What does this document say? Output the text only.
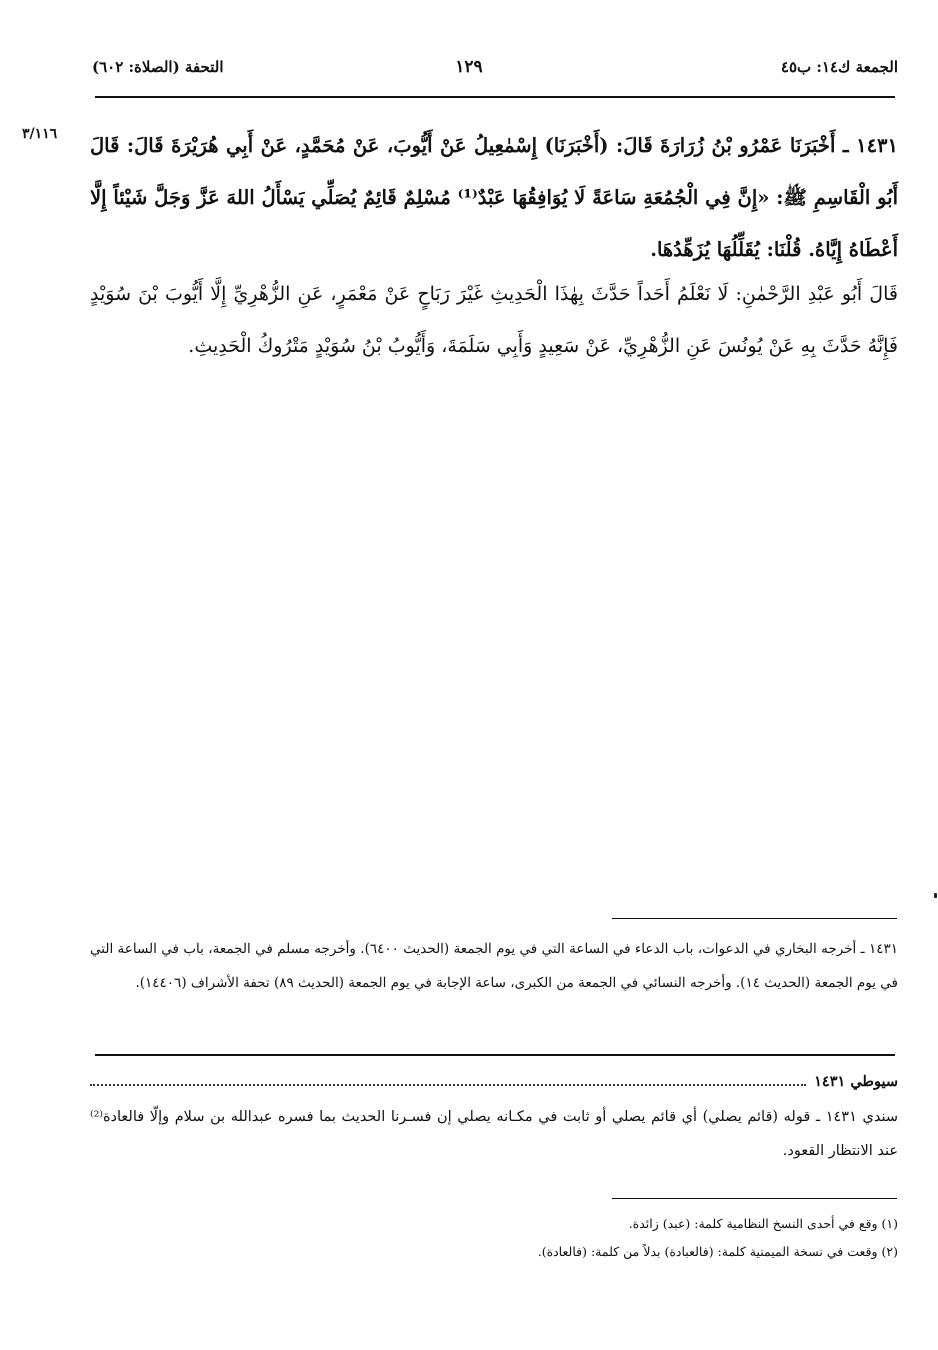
الجمعة ك١٤: ب٤٥
١٢٩
التحفة (الصلاة: ٦٠٢)
٣/١١٦ ١٤٣١ ـ أَخْبَرَنَا عَمْرُو بْنُ زُرَارَةَ قَالَ: (أَخْبَرَنَا) إِسْمٰعِيلُ عَنْ أَيُّوبَ، عَنْ مُحَمَّدٍ، عَنْ أَبِي هُرَيْرَةَ قَالَ: قَالَ أَبُو الْقَاسِمِ ﷺ: «إِنَّ فِي الْجُمُعَةِ سَاعَةً لَا يُوَافِقُهَا عَبْدٌ⁽¹⁾ مُسْلِمٌ قَائِمٌ يُصَلِّي يَسْأَلُ اللهَ عَزَّ وَجَلَّ شَيْئاً إِلَّا أَعْطَاهُ إِيَّاهُ. قُلْنَا: يُقَلِّلُهَا يُزَهِّدُهَا.

قَالَ أَبُو عَبْدِ الرَّحْمٰنِ: لَا نَعْلَمُ أَحَداً حَدَّثَ بِهٰذَا الْحَدِيثِ غَيْرَ رَبَاحٍ عَنْ مَعْمَرٍ، عَنِ الزُّهْرِيِّ إِلَّا أَيُّوبَ بْنَ سُوَيْدٍ فَإِنَّهُ حَدَّثَ بِهِ عَنْ يُونُسَ عَنِ الزُّهْرِيِّ، عَنْ سَعِيدٍ وَأَبِي سَلَمَةَ، وَأَيُّوبُ بْنُ سُوَيْدٍ مَتْرُوكُ الْحَدِيثِ.

١٤٣١ ـ أخرجه البخاري في الدعوات، باب الدعاء في الساعة التي في يوم الجمعة (الحديث ٦٤٠٠). وأخرجه مسلم في الجمعة، باب في الساعة التي في يوم الجمعة (الحديث ١٤). وأخرجه النسائي في الجمعة من الكبرى، ساعة الإجابة في يوم الجمعة (الحديث ٨٩) تحفة الأشراف (١٤٤٠٦).

سيوطي ١٤٣١

سندي ١٤٣١ ـ قوله (قائم يصلي) أي قائم يصلي أو ثابت في مكـانه يصلي إن فسـرنا الحديث بما فسره عبدالله بن سلام وإلّا فالعادة⁽²⁾ عند الانتظار القعود.

(١) وقع في أحدى النسخ النظامية كلمة: (عبد) زائدة.
(٢) وقعت في نسخة الميمنية كلمة: (فالعبادة) بدلاً من كلمة: (فالعادة).
